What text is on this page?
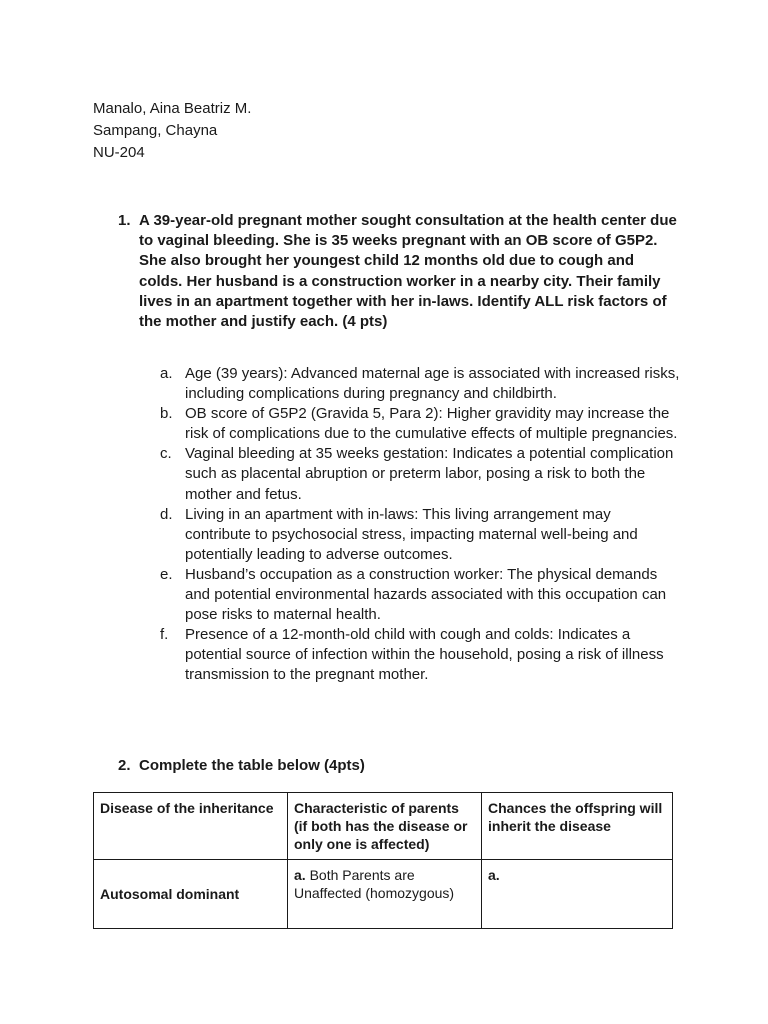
Manalo, Aina Beatriz M.
Sampang, Chayna
NU-204
1. A 39-year-old pregnant mother sought consultation at the health center due to vaginal bleeding. She is 35 weeks pregnant with an OB score of G5P2. She also brought her youngest child 12 months old due to cough and colds. Her husband is a construction worker in a nearby city. Their family lives in an apartment together with her in-laws. Identify ALL risk factors of the mother and justify each. (4 pts)
a. Age (39 years): Advanced maternal age is associated with increased risks, including complications during pregnancy and childbirth.
b. OB score of G5P2 (Gravida 5, Para 2): Higher gravidity may increase the risk of complications due to the cumulative effects of multiple pregnancies.
c. Vaginal bleeding at 35 weeks gestation: Indicates a potential complication such as placental abruption or preterm labor, posing a risk to both the mother and fetus.
d. Living in an apartment with in-laws: This living arrangement may contribute to psychosocial stress, impacting maternal well-being and potentially leading to adverse outcomes.
e. Husband’s occupation as a construction worker: The physical demands and potential environmental hazards associated with this occupation can pose risks to maternal health.
f. Presence of a 12-month-old child with cough and colds: Indicates a potential source of infection within the household, posing a risk of illness transmission to the pregnant mother.
2. Complete the table below (4pts)
Disease of the inheritance	Characteristic of parents (if both has the disease or only one is affected)	Chances the offspring will inherit the disease
Autosomal dominant	a. Both Parents are Unaffected (homozygous)	a.
